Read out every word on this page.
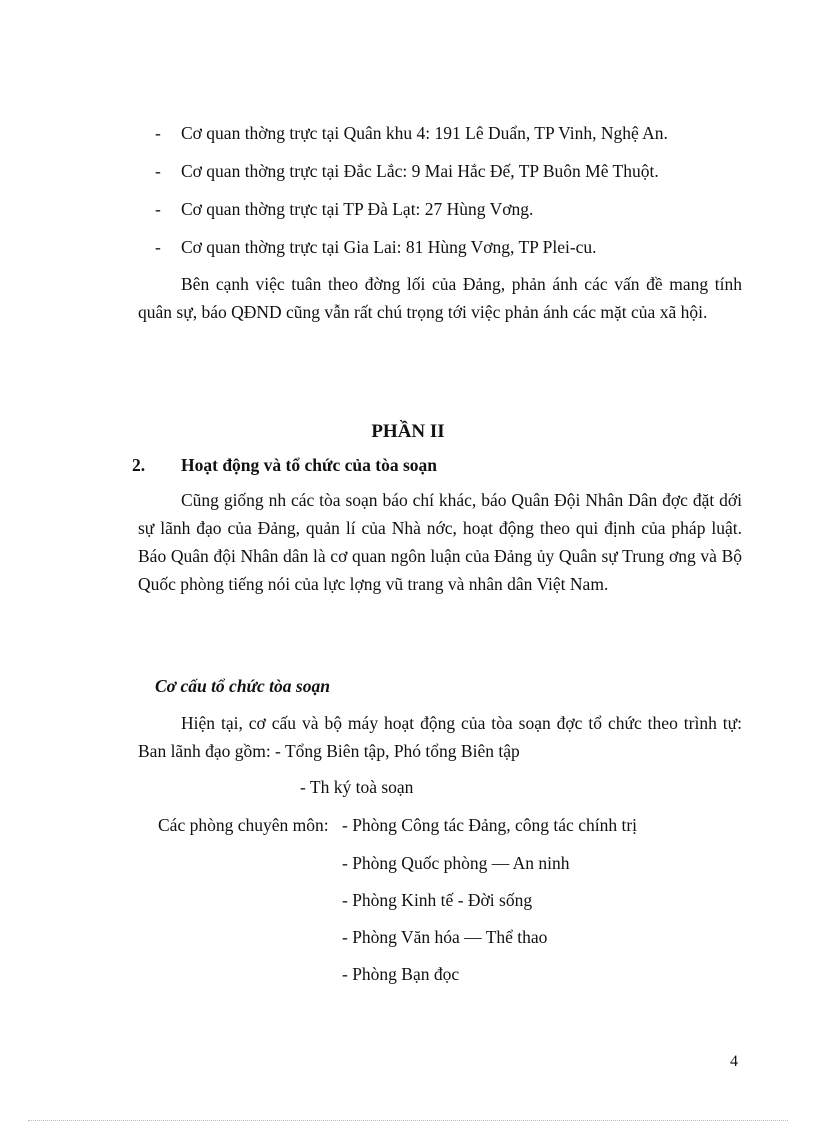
- Cơ quan thờng trực tại Quân khu 4: 191 Lê Duẩn, TP Vinh, Nghệ An.
- Cơ quan thờng trực tại Đắc Lắc: 9 Mai Hắc Đế, TP Buôn Mê Thuột.
- Cơ quan thờng trực tại TP Đà Lạt: 27 Hùng Vơng.
- Cơ quan thờng trực tại Gia Lai: 81 Hùng Vơng, TP Plei-cu.
Bên cạnh việc tuân theo đờng lối của Đảng, phản ánh các vấn đề mang tính quân sự, báo QĐND cũng vẫn rất chú trọng tới việc phản ánh các mặt của xã hội.
PHẦN II
2. Hoạt động và tổ chức của tòa soạn
Cũng giống nh các tòa soạn báo chí khác, báo Quân Đội Nhân Dân đợc đặt dới sự lãnh đạo của Đảng, quản lí của Nhà nớc, hoạt động theo qui định của pháp luật. Báo Quân đội Nhân dân là cơ quan ngôn luận của Đảng ủy Quân sự Trung ơng và Bộ Quốc phòng tiếng nói của lực lợng vũ trang và nhân dân Việt Nam.
Cơ cấu tổ chức tòa soạn
Hiện tại, cơ cấu và bộ máy hoạt động của tòa soạn đợc tổ chức theo trình tự: Ban lãnh đạo gồm: - Tổng Biên tập, Phó tổng Biên tập
- Th ký toà soạn
Các phòng chuyên môn: - Phòng Công tác Đảng, công tác chính trị
- Phòng Quốc phòng — An ninh
- Phòng Kinh tế - Đời sống
- Phòng Văn hóa — Thể thao
- Phòng Bạn đọc
4
